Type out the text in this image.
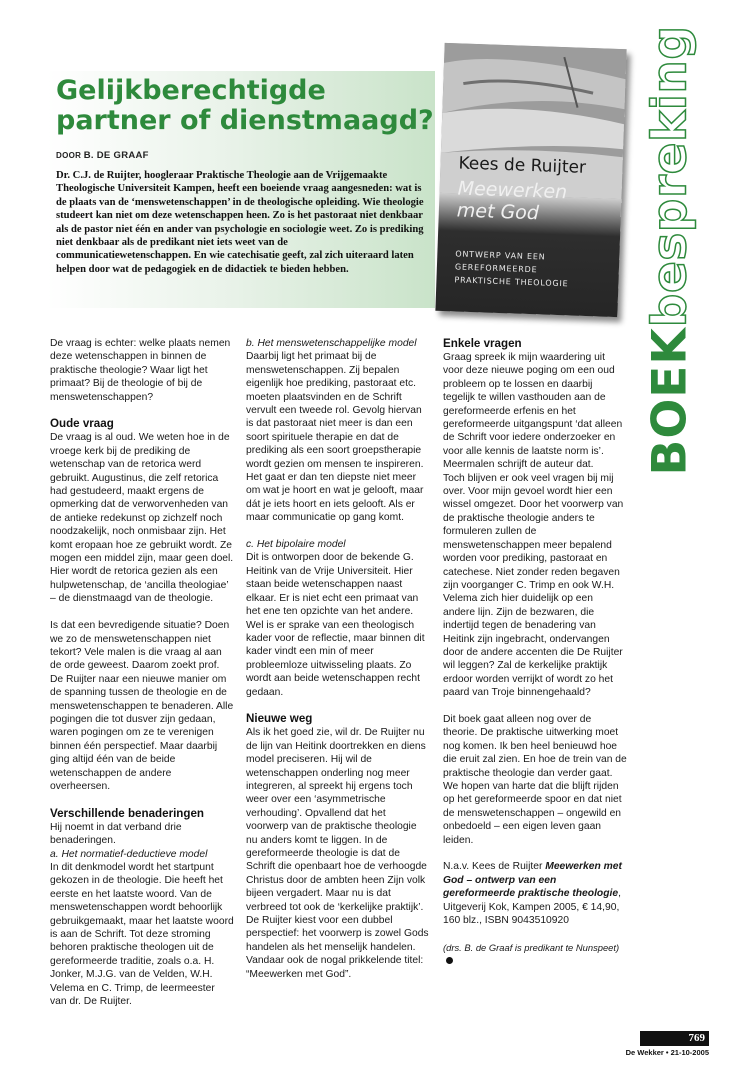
Gelijkberechtigde partner of dienstmaagd?
DOOR B. DE GRAAF

Dr. C.J. de Ruijter, hoogleraar Praktische Theologie aan de Vrijgemaakte Theologische Universiteit Kampen, heeft een boeiende vraag aangesneden: wat is de plaats van de ‘menswetenschappen’ in de theologische opleiding. Wie theologie studeert kan niet om deze wetenschappen heen. Zo is het pastoraat niet denkbaar als de pastor niet één en ander van psychologie en sociologie weet. Zo is prediking niet denkbaar als de predikant niet iets weet van de communicatiewetenschappen. En wie catechisatie geeft, zal zich uiteraard laten helpen door wat de pedagogiek en de didactiek te bieden hebben.

Kees de Ruijter
Meewerken
met God
ONTWERP VAN EEN
GEREFORMEERDE
PRAKTISCHE THEOLOGIE
BOEKbespreking

De vraag is echter: welke plaats nemen deze wetenschappen in binnen de praktische theologie? Waar ligt het primaat? Bij de theologie of bij de menswetenschappen?

Oude vraag

De vraag is al oud. We weten hoe in de vroege kerk bij de prediking de wetenschap van de retorica werd gebruikt. Augustinus, die zelf retorica had gestudeerd, maakt ergens de opmerking dat de verworvenheden van de antieke redekunst op zichzelf noch noodzakelijk, noch onmisbaar zijn. Het komt eropaan hoe ze gebruikt wordt. Ze mogen een middel zijn, maar geen doel. Hier wordt de retorica gezien als een hulpwetenschap, de ‘ancilla theologiae’ – de dienstmaagd van de theologie.

Is dat een bevredigende situatie? Doen we zo de menswetenschappen niet tekort? Vele malen is die vraag al aan de orde geweest. Daarom zoekt prof. De Ruijter naar een nieuwe manier om de spanning tussen de theologie en de menswetenschappen te benaderen. Alle pogingen die tot dusver zijn gedaan, waren pogingen om ze te verenigen binnen één perspectief. Maar daarbij ging altijd één van de beide wetenschappen de andere overheersen.

Verschillende benaderingen

Hij noemt in dat verband drie benaderingen.

a. Het normatief-deductieve model

In dit denkmodel wordt het startpunt gekozen in de theologie. Die heeft het eerste en het laatste woord. Van de menswetenschappen wordt behoorlijk gebruikgemaakt, maar het laatste woord is aan de Schrift. Tot deze stroming behoren praktische theologen uit de gereformeerde traditie, zoals o.a. H. Jonker, M.J.G. van de Velden, W.H. Velema en C. Trimp, de leermeester van dr. De Ruijter.

b. Het menswetenschappelijke model

Daarbij ligt het primaat bij de menswetenschappen. Zij bepalen eigenlijk hoe prediking, pastoraat etc. moeten plaatsvinden en de Schrift vervult een tweede rol. Gevolg hiervan is dat pastoraat niet meer is dan een soort spirituele therapie en dat de prediking als een soort groepstherapie wordt gezien om mensen te inspireren. Het gaat er dan ten diepste niet meer om wat je hoort en wat je gelooft, maar dát je iets hoort en iets gelooft. Als er maar communicatie op gang komt.

c. Het bipolaire model

Dit is ontworpen door de bekende G. Heitink van de Vrije Universiteit. Hier staan beide wetenschappen naast elkaar. Er is niet echt een primaat van het ene ten opzichte van het andere. Wel is er sprake van een theologisch kader voor de reflectie, maar binnen dit kader vindt een min of meer probleemloze uitwisseling plaats. Zo wordt aan beide wetenschappen recht gedaan.

Nieuwe weg

Als ik het goed zie, wil dr. De Ruijter nu de lijn van Heitink doortrekken en diens model preciseren. Hij wil de wetenschappen onderling nog meer integreren, al spreekt hij ergens toch weer over een ‘asymmetrische verhouding’. Opvallend dat het voorwerp van de praktische theologie nu anders komt te liggen. In de gereformeerde theologie is dat de Schrift die openbaart hoe de verhoogde Christus door de ambten heen Zijn volk bijeen vergadert. Maar nu is dat verbreed tot ook de ‘kerkelijke praktijk’. De Ruijter kiest voor een dubbel perspectief: het voorwerp is zowel Gods handelen als het menselijk handelen. Vandaar ook de nogal prikkelende titel: “Meewerken met God”.

Enkele vragen

Graag spreek ik mijn waardering uit voor deze nieuwe poging om een oud probleem op te lossen en daarbij tegelijk te willen vasthouden aan de gereformeerde erfenis en het gereformeerde uitgangspunt ‘dat alleen de Schrift voor iedere onderzoeker en voor alle kennis de laatste norm is’. Meermalen schrijft de auteur dat.

Toch blijven er ook veel vragen bij mij over. Voor mijn gevoel wordt hier een wissel omgezet. Door het voorwerp van de praktische theologie anders te formuleren zullen de menswetenschappen meer bepalend worden voor prediking, pastoraat en catechese. Niet zonder reden begaven zijn voorganger C. Trimp en ook W.H. Velema zich hier duidelijk op een andere lijn. Zijn de bezwaren, die indertijd tegen de benadering van Heitink zijn ingebracht, ondervangen door de andere accenten die De Ruijter wil leggen? Zal de kerkelijke praktijk erdoor worden verrijkt of wordt zo het paard van Troje binnengehaald?

Dit boek gaat alleen nog over de theorie. De praktische uitwerking moet nog komen. Ik ben heel benieuwd hoe die eruit zal zien. En hoe de trein van de praktische theologie dan verder gaat. We hopen van harte dat die blijft rijden op het gereformeerde spoor en dat niet de menswetenschappen – ongewild en onbedoeld – een eigen leven gaan leiden.

N.a.v. Kees de Ruijter Meewerken met God – ontwerp van een gereformeerde praktische theologie, Uitgeverij Kok, Kampen 2005, € 14,90, 160 blz., ISBN 9043510920

(drs. B. de Graaf is predikant te Nunspeet)

769
De Wekker • 21-10-2005
